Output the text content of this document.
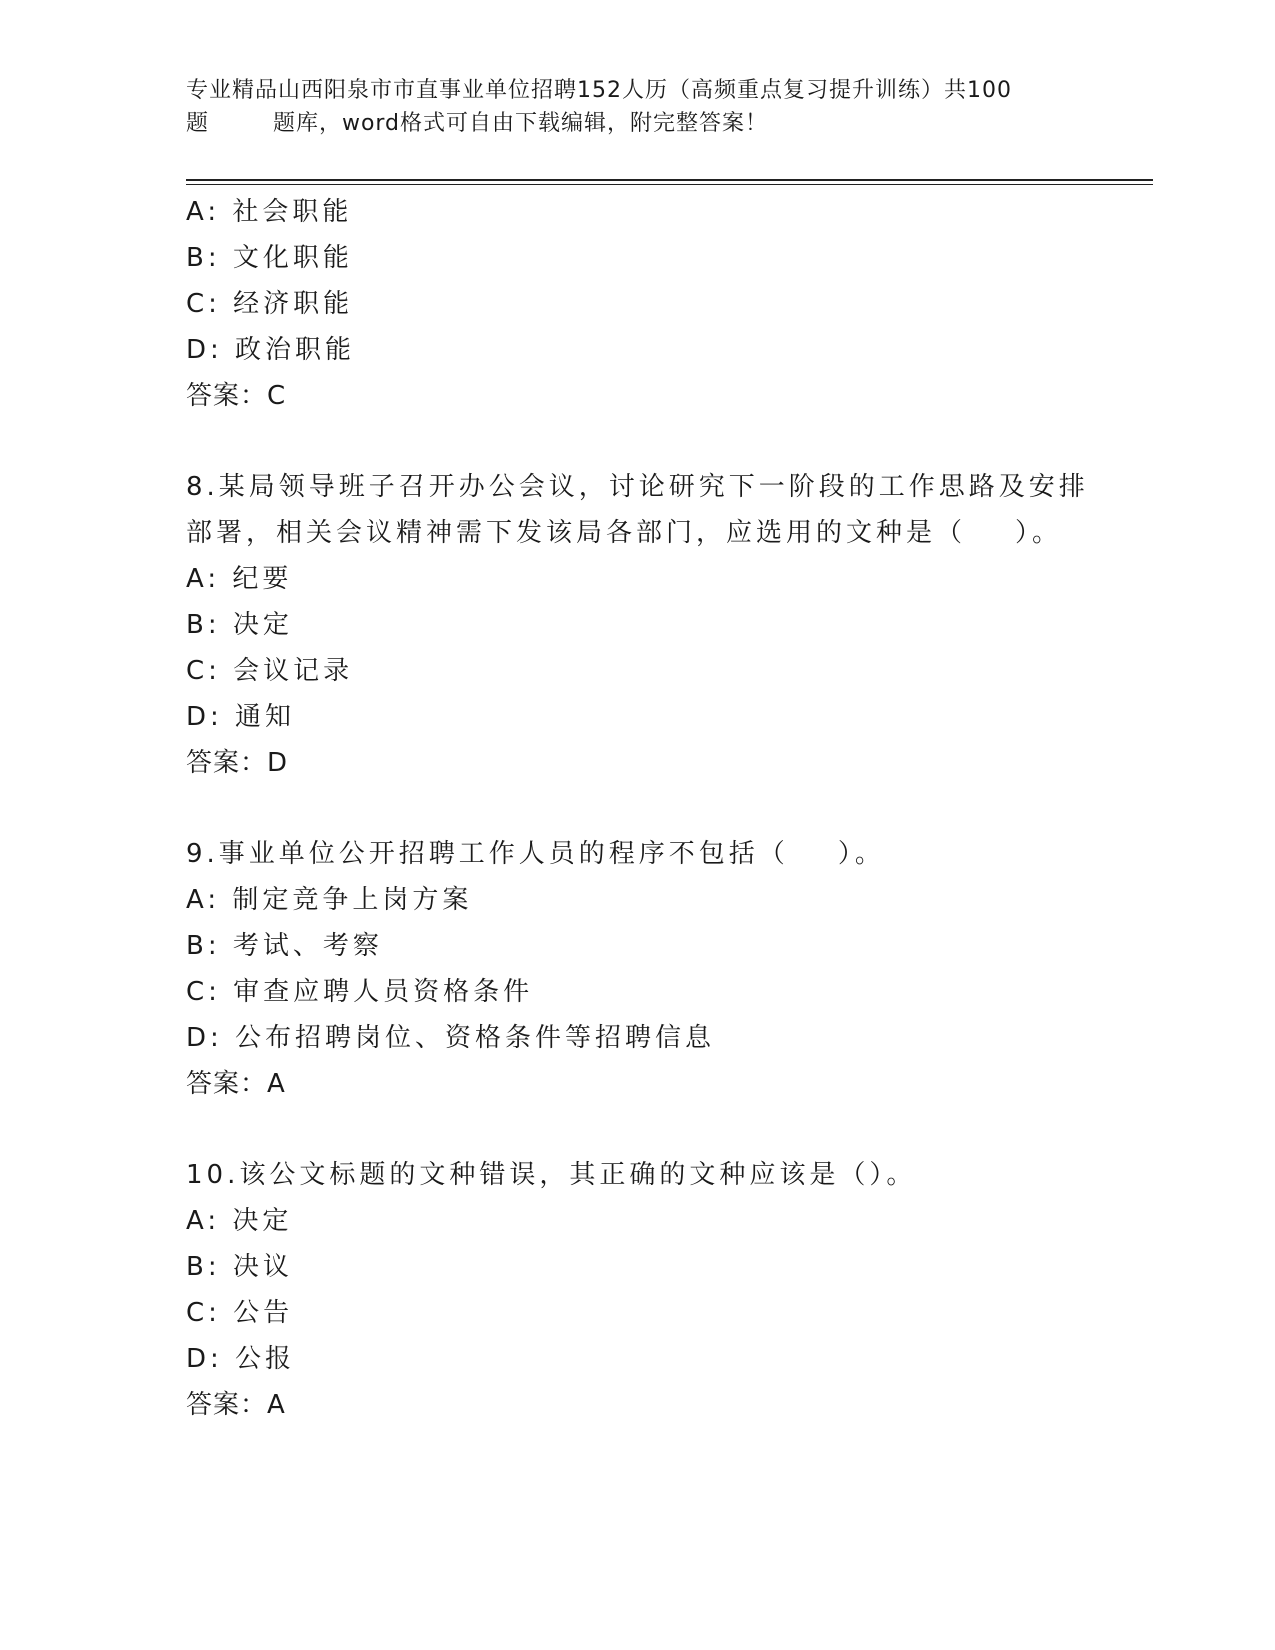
专业精品山西阳泉市市直事业单位招聘152人历（高频重点复习提升训练）共100
题        题库，word格式可自由下载编辑，附完整答案！
A: 社会职能
B: 文化职能
C: 经济职能
D: 政治职能
答案：C
8.某局领导班子召开办公会议，讨论研究下一阶段的工作思路及安排
部署，相关会议精神需下发该局各部门，应选用的文种是（    ）。
A: 纪要
B: 决定
C: 会议记录
D: 通知
答案：D
9.事业单位公开招聘工作人员的程序不包括（    ）。
A: 制定竞争上岗方案
B: 考试、考察
C: 审查应聘人员资格条件
D: 公布招聘岗位、资格条件等招聘信息
答案：A
10.该公文标题的文种错误，其正确的文种应该是（）。
A: 决定
B: 决议
C: 公告
D: 公报
答案：A
